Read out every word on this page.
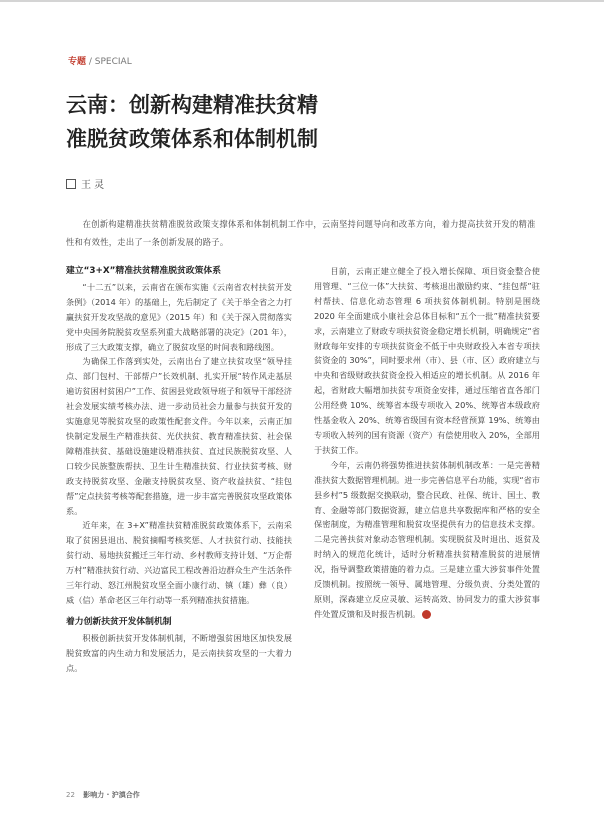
专题 / SPECIAL
云南：创新构建精准扶贫精
准脱贫政策体系和体制机制
王 灵
在创新构建精准扶贫精准脱贫政策支撑体系和体制机制工作中，云南坚持问题导向和改革方向，着力提高扶贫开发的精准性和有效性，走出了一条创新发展的路子。
建立“3+X”精准扶贫精准脱贫政策体系

“十二五”以来，云南省在颁布实施《云南省农村扶贫开发条例》（2014 年）的基础上，先后制定了《关于举全省之力打赢扶贫开发攻坚战的意见》（2015 年）和《关于深入贯彻落实党中央国务院脱贫攻坚系列重大战略部署的决定》（201 年），形成了三大政策支撑，确立了脱贫攻坚的时间表和路线图。

为确保工作落到实处，云南出台了建立扶贫攻坚“领导挂点、部门包村、干部帮户”长效机制、扎实开展“转作风走基层遍访贫困村贫困户”工作、贫困县党政领导班子和领导干部经济社会发展实绩考核办法、进一步动员社会力量参与扶贫开发的实施意见等脱贫攻坚的政策性配套文件。今年以来，云南正加快制定发展生产精准扶贫、光伏扶贫、教育精准扶贫、社会保障精准扶贫、基础设施建设精准扶贫、直过民族脱贫攻坚、人口较少民族整族帮扶、卫生计生精准扶贫、行业扶贫考核、财政支持脱贫攻坚、金融支持脱贫攻坚、资产收益扶贫、“挂包帮”定点扶贫考核等配套措施，进一步丰富完善脱贫攻坚政策体系。

近年来，在 3+X”精准扶贫精准脱贫政策体系下，云南采取了贫困县退出、脱贫摘帽考核奖惩、人才扶贫行动、技能扶贫行动、易地扶贫搬迁三年行动、乡村教师支持计划、“万企帮万村”精准扶贫行动、兴边富民工程改善沿边群众生产生活条件三年行动、怒江州脱贫攻坚全面小康行动、镇（雄）彝（良）威（信）革命老区三年行动等一系列精准扶贫措施。

着力创新扶贫开发体制机制

积极创新扶贫开发体制机制，不断增强贫困地区加快发展脱贫致富的内生动力和发展活力，是云南扶贫攻坚的一大着力点。

目前，云南正建立健全了投入增长保障、项目资金整合使用管理、“三位一体”大扶贫、考核退出激励约束、“挂包帮”驻村帮扶、信息化动态管理 6 项扶贫体制机制。特别是围绕 2020 年全面建成小康社会总体目标和“五个一批”精准扶贫要求，云南建立了财政专项扶贫资金稳定增长机制，明确规定“省财政每年安排的专项扶贫资金不低于中央财政投入本省专项扶贫资金的 30%”，同时要求州（市）、县（市、区）政府建立与中央和省级财政扶贫资金投入相适应的增长机制。从 2016 年起，省财政大幅增加扶贫专项资金安排，通过压缩省直各部门公用经费 10%、统筹省本级专项收入 20%、统筹省本级政府性基金收入 20%、统筹省级国有资本经营预算 19%、统筹由专项收入转列的国有资源（资产）有偿使用收入 20%，全部用于扶贫工作。

今年，云南仍将强势推进扶贫体制机制改革：一是完善精准扶贫大数据管理机制。进一步完善信息平台功能，实现“省市县乡村”5 级数据交换联动，整合民政、社保、统计、国土、教育、金融等部门数据资源，建立信息共享数据库和严格的安全保密制度，为精准管理和脱贫攻坚提供有力的信息技术支撑。二是完善扶贫对象动态管理机制。实现脱贫及时退出、返贫及时纳入的规范化统计，适时分析精准扶贫精准脱贫的进展情况，指导调整政策措施的着力点。三是建立重大涉贫事件处置反馈机制。按照统一领导、属地管理、分级负责、分类处置的原则，深森建立反应灵敏、运转高效、协同发力的重大涉贫事件处置反馈和及时报告机制。

22 影响力 · 沪滇合作
